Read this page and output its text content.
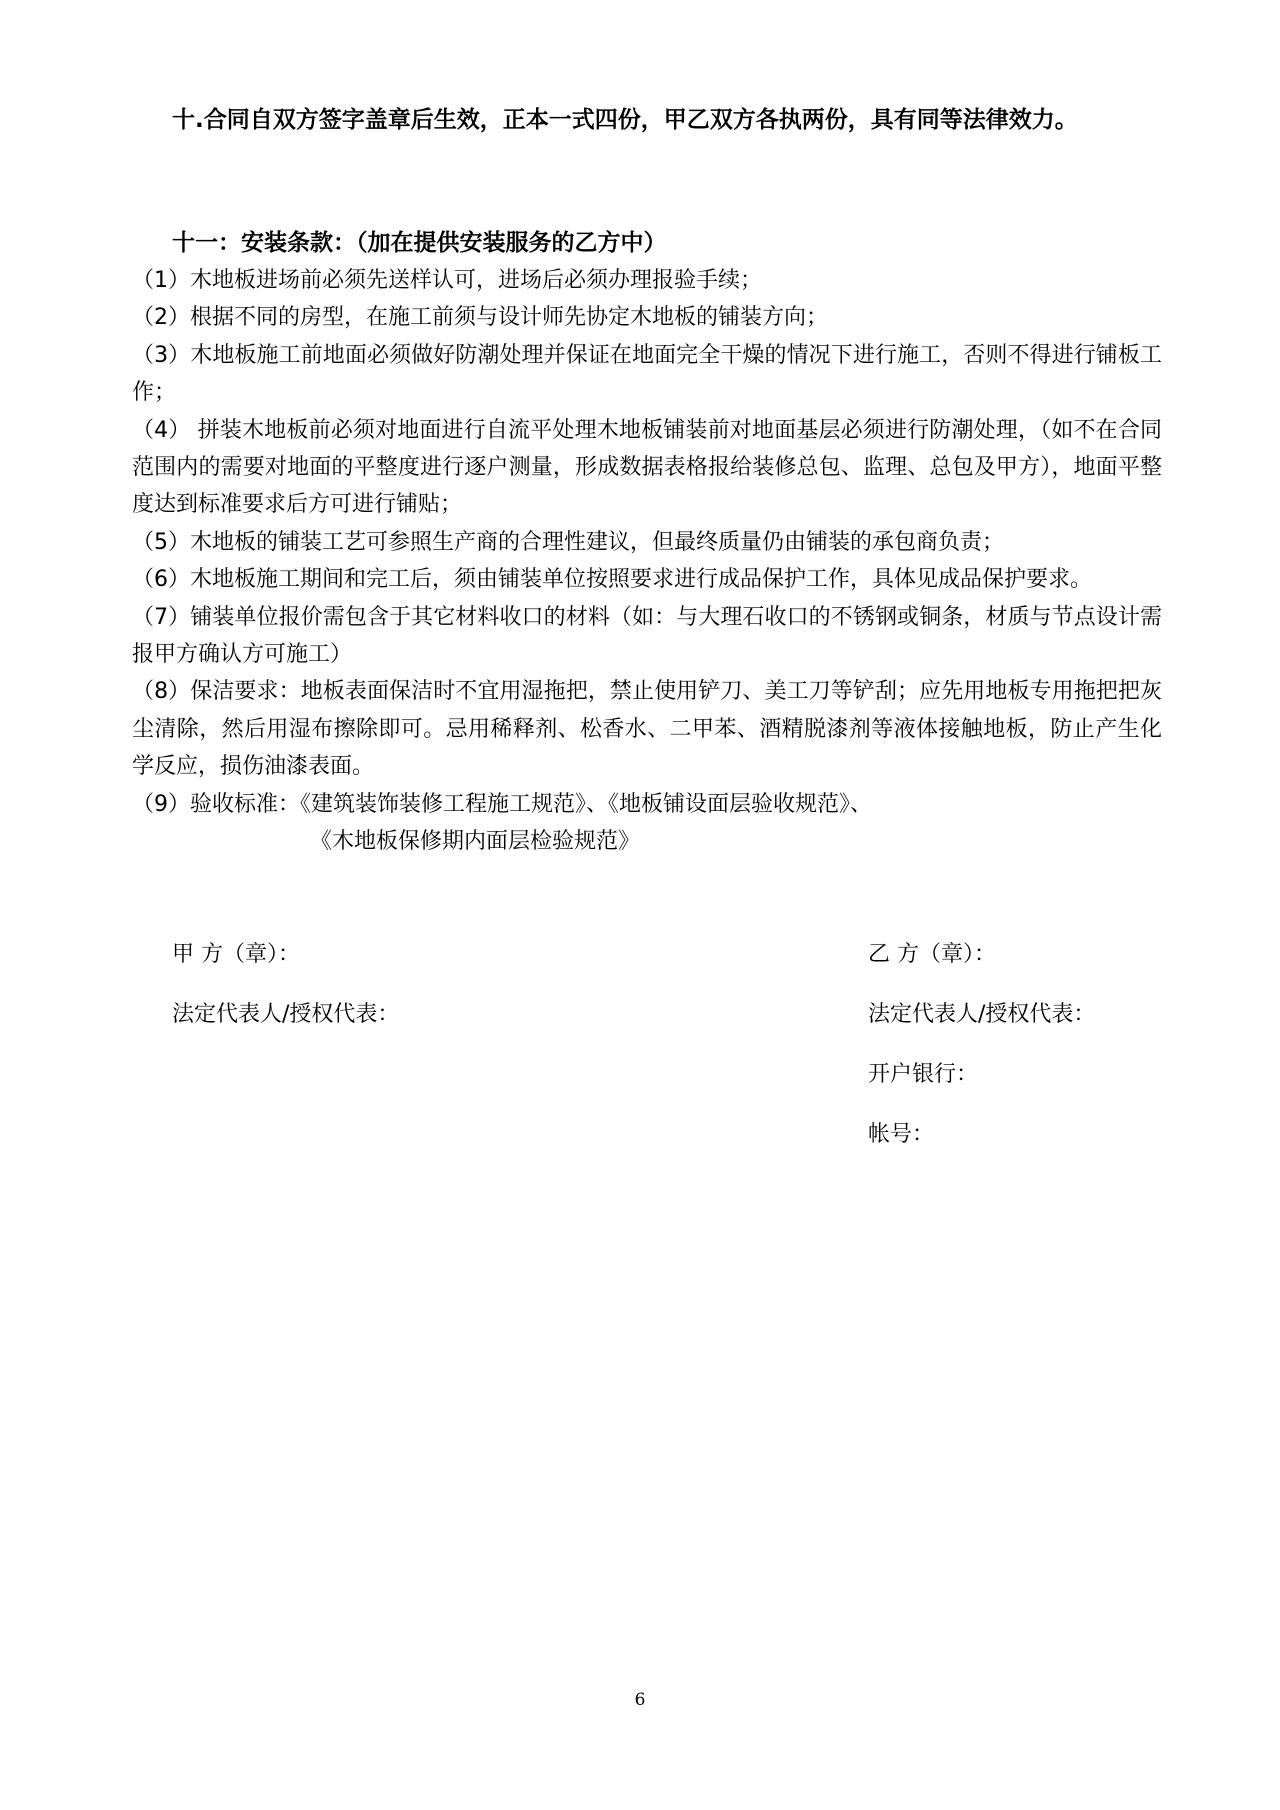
十.合同自双方签字盖章后生效，正本一式四份，甲乙双方各执两份，具有同等法律效力。
十一：安装条款：（加在提供安装服务的乙方中）

（1）木地板进场前必须先送样认可，进场后必须办理报验手续；

（2）根据不同的房型，在施工前须与设计师先协定木地板的铺装方向；

（3）木地板施工前地面必须做好防潮处理并保证在地面完全干燥的情况下进行施工，否则不得进行铺板工作；

（4） 拼装木地板前必须对地面进行自流平处理木地板铺装前对地面基层必须进行防潮处理，（如不在合同范围内的需要对地面的平整度进行逐户测量，形成数据表格报给装修总包、监理、总包及甲方），地面平整度达到标准要求后方可进行铺贴；

（5）木地板的铺装工艺可参照生产商的合理性建议，但最终质量仍由铺装的承包商负责；

（6）木地板施工期间和完工后，须由铺装单位按照要求进行成品保护工作，具体见成品保护要求。

（7）铺装单位报价需包含于其它材料收口的材料（如：与大理石收口的不锈钢或铜条，材质与节点设计需报甲方确认方可施工）

（8）保洁要求：地板表面保洁时不宜用湿拖把，禁止使用铲刀、美工刀等铲刮；应先用地板专用拖把把灰尘清除，然后用湿布擦除即可。忌用稀释剂、松香水、二甲苯、酒精脱漆剂等液体接触地板，防止产生化学反应，损伤油漆表面。

（9）验收标准：《建筑装饰装修工程施工规范》、《地板铺设面层验收规范》、

《木地板保修期内面层检验规范》

甲 方（章）：
法定代表人/授权代表：
乙 方（章）：
法定代表人/授权代表：
开户银行：
帐号：
6
